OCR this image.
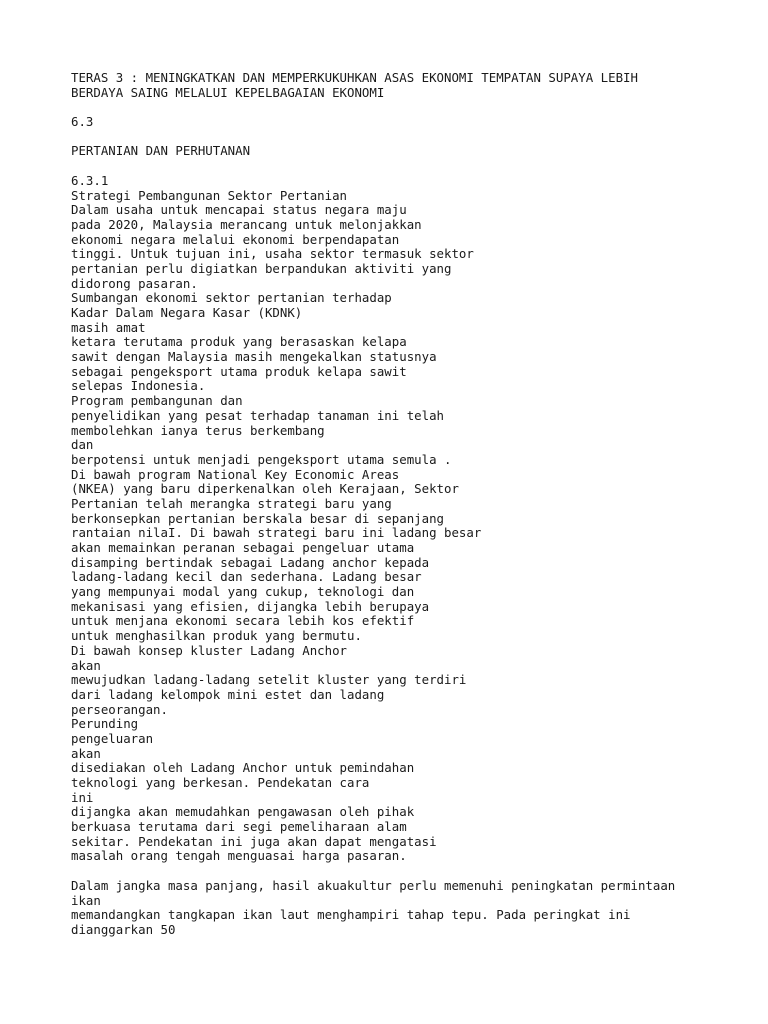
TERAS 3 : MENINGKATKAN DAN MEMPERKUKUHKAN ASAS EKONOMI TEMPATAN SUPAYA LEBIH
BERDAYA SAING MELALUI KEPELBAGAIAN EKONOMI
6.3
PERTANIAN DAN PERHUTANAN
6.3.1
Strategi Pembangunan Sektor Pertanian
Dalam usaha untuk mencapai status negara maju
pada 2020, Malaysia merancang untuk melonjakkan
ekonomi negara melalui ekonomi berpendapatan
tinggi. Untuk tujuan ini, usaha sektor termasuk sektor
pertanian perlu digiatkan berpandukan aktiviti yang
didorong pasaran.
Sumbangan ekonomi sektor pertanian terhadap
Kadar Dalam Negara Kasar (KDNK)
masih amat
ketara terutama produk yang berasaskan kelapa
sawit dengan Malaysia masih mengekalkan statusnya
sebagai pengeksport utama produk kelapa sawit
selepas Indonesia.
Program pembangunan dan
penyelidikan yang pesat terhadap tanaman ini telah
membolehkan ianya terus berkembang
dan
berpotensi untuk menjadi pengeksport utama semula .
Di bawah program National Key Economic Areas
(NKEA) yang baru diperkenalkan oleh Kerajaan, Sektor
Pertanian telah merangka strategi baru yang
berkonsepkan pertanian berskala besar di sepanjang
rantaian nilaI. Di bawah strategi baru ini ladang besar
akan memainkan peranan sebagai pengeluar utama
disamping bertindak sebagai Ladang anchor kepada
ladang-ladang kecil dan sederhana. Ladang besar
yang mempunyai modal yang cukup, teknologi dan
mekanisasi yang efisien, dijangka lebih berupaya
untuk menjana ekonomi secara lebih kos efektif
untuk menghasilkan produk yang bermutu.
Di bawah konsep kluster Ladang Anchor
akan
mewujudkan ladang-ladang setelit kluster yang terdiri
dari ladang kelompok mini estet dan ladang
perseorangan.
Perunding
pengeluaran
akan
disediakan oleh Ladang Anchor untuk pemindahan
teknologi yang berkesan. Pendekatan cara
ini
dijangka akan memudahkan pengawasan oleh pihak
berkuasa terutama dari segi pemeliharaan alam
sekitar. Pendekatan ini juga akan dapat mengatasi
masalah orang tengah menguasai harga pasaran.
Dalam jangka masa panjang, hasil akuakultur perlu memenuhi peningkatan permintaan
ikan
memandangkan tangkapan ikan laut menghampiri tahap tepu. Pada peringkat ini
dianggarkan 50
